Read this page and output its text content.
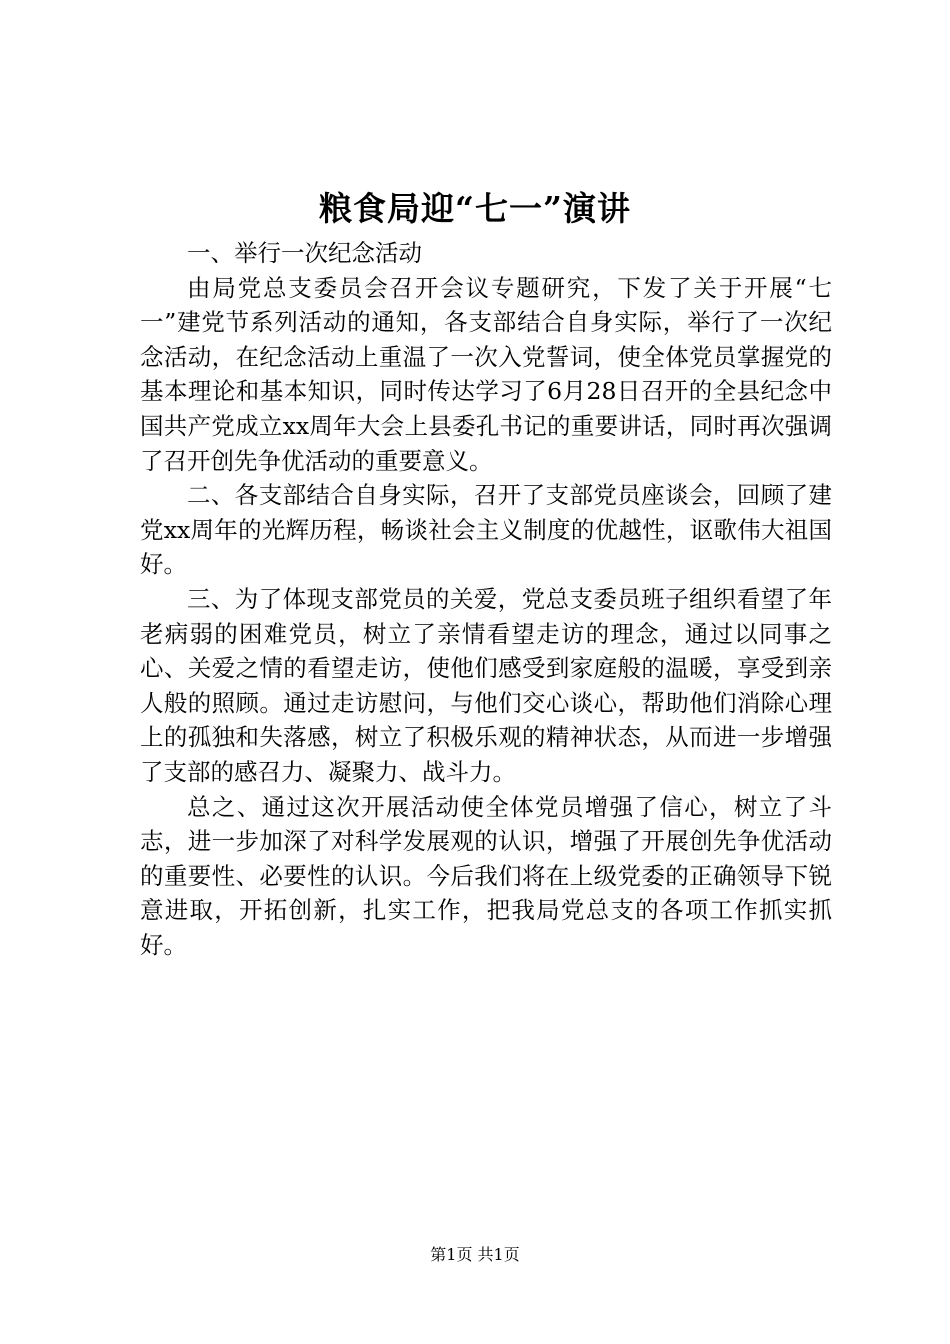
粮食局迎“七一”演讲

一、举行一次纪念活动

由局党总支委员会召开会议专题研究，下发了关于开展“七一”建党节系列活动的通知，各支部结合自身实际，举行了一次纪念活动，在纪念活动上重温了一次入党誓词，使全体党员掌握党的基本理论和基本知识，同时传达学习了6月28日召开的全县纪念中国共产党成立xx周年大会上县委孔书记的重要讲话，同时再次强调了召开创先争优活动的重要意义。

二、各支部结合自身实际，召开了支部党员座谈会，回顾了建党xx周年的光辉历程，畅谈社会主义制度的优越性，讴歌伟大祖国好。

三、为了体现支部党员的关爱，党总支委员班子组织看望了年老病弱的困难党员，树立了亲情看望走访的理念，通过以同事之心、关爱之情的看望走访，使他们感受到家庭般的温暖，享受到亲人般的照顾。通过走访慰问，与他们交心谈心，帮助他们消除心理上的孤独和失落感，树立了积极乐观的精神状态，从而进一步增强了支部的感召力、凝聚力、战斗力。

总之、通过这次开展活动使全体党员增强了信心，树立了斗志，进一步加深了对科学发展观的认识，增强了开展创先争优活动的重要性、必要性的认识。今后我们将在上级党委的正确领导下锐意进取，开拓创新，扎实工作，把我局党总支的各项工作抓实抓好。

第1页 共1页
